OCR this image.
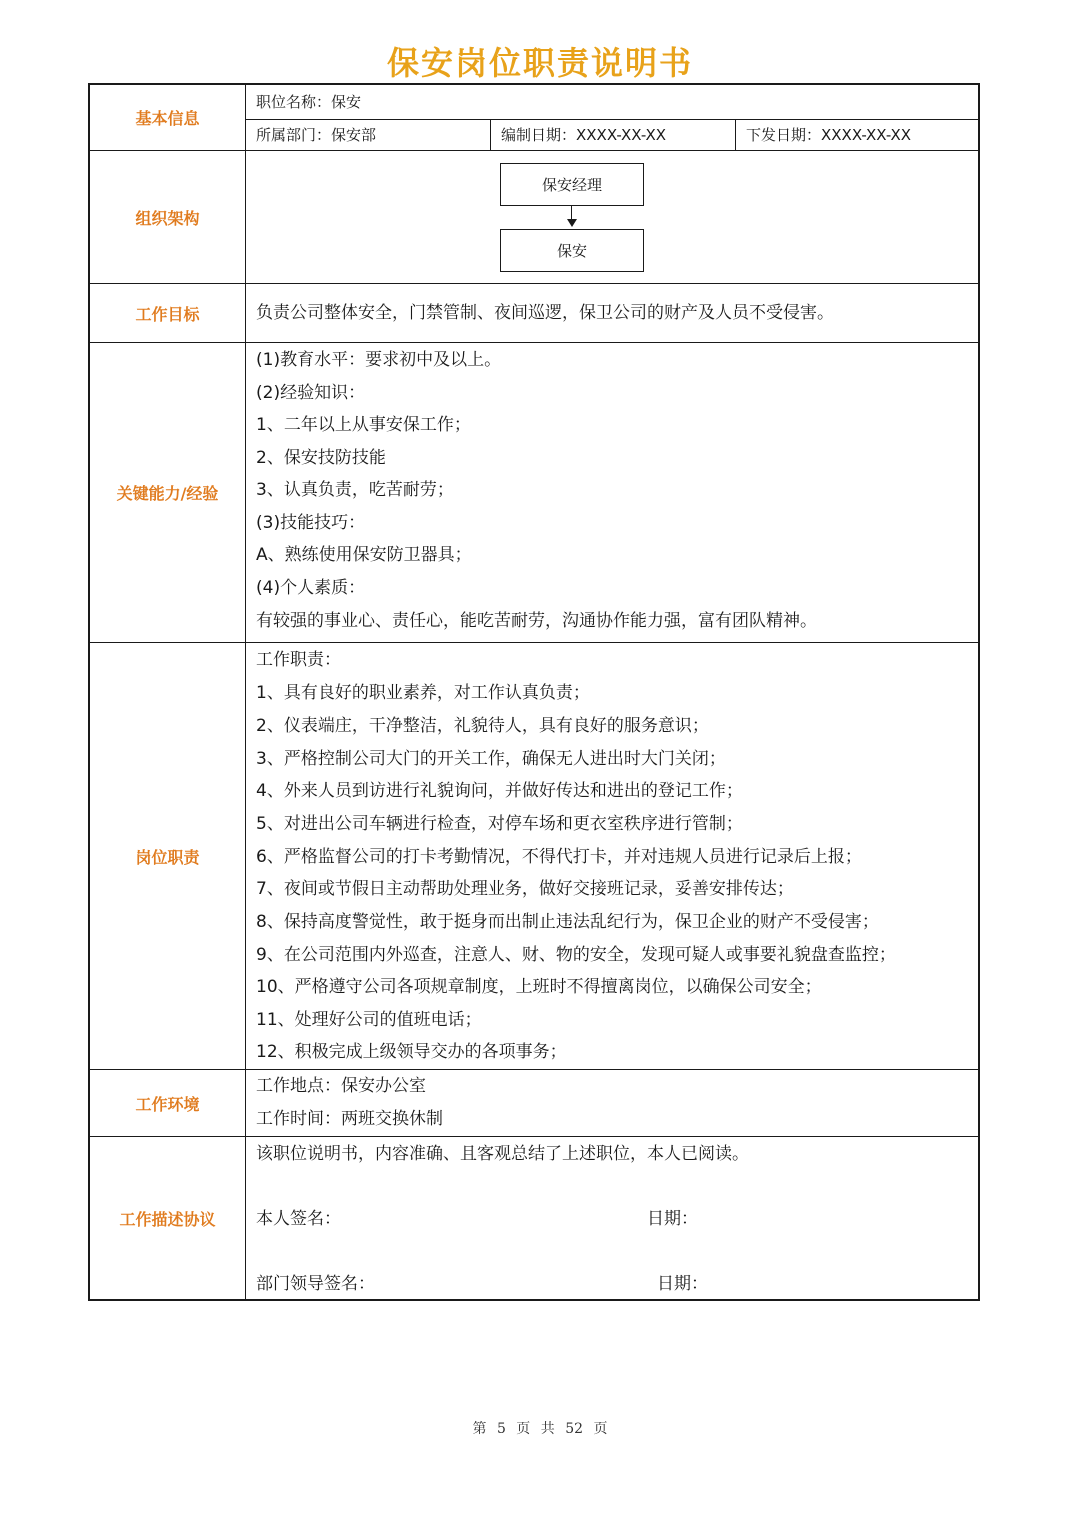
保安岗位职责说明书
基本信息
职位名称：保安
所属部门：保安部	编制日期：XXXX-XX-XX	下发日期：XXXX-XX-XX
组织架构
保安经理
保安
工作目标	负责公司整体安全，门禁管制、夜间巡逻，保卫公司的财产及人员不受侵害。
关键能力/经验
(1)教育水平：要求初中及以上。
(2)经验知识：
1、二年以上从事安保工作；
2、保安技防技能
3、认真负责，吃苦耐劳；
(3)技能技巧：
A、熟练使用保安防卫器具；
(4)个人素质：
有较强的事业心、责任心，能吃苦耐劳，沟通协作能力强，富有团队精神。
岗位职责
工作职责：
1、具有良好的职业素养，对工作认真负责；
2、仪表端庄，干净整洁，礼貌待人，具有良好的服务意识；
3、严格控制公司大门的开关工作，确保无人进出时大门关闭；
4、外来人员到访进行礼貌询问，并做好传达和进出的登记工作；
5、对进出公司车辆进行检查，对停车场和更衣室秩序进行管制；
6、严格监督公司的打卡考勤情况，不得代打卡，并对违规人员进行记录后上报；
7、夜间或节假日主动帮助处理业务，做好交接班记录，妥善安排传达；
8、保持高度警觉性，敢于挺身而出制止违法乱纪行为，保卫企业的财产不受侵害；
9、在公司范围内外巡查，注意人、财、物的安全，发现可疑人或事要礼貌盘查监控；
10、严格遵守公司各项规章制度，上班时不得擅离岗位，以确保公司安全；
11、处理好公司的值班电话；
12、积极完成上级领导交办的各项事务；
工作环境
工作地点：保安办公室
工作时间：两班交换休制
工作描述协议
该职位说明书，内容准确、且客观总结了上述职位，本人已阅读。
本人签名：	日期：
部门领导签名：	日期：
第 5 页 共 52 页
